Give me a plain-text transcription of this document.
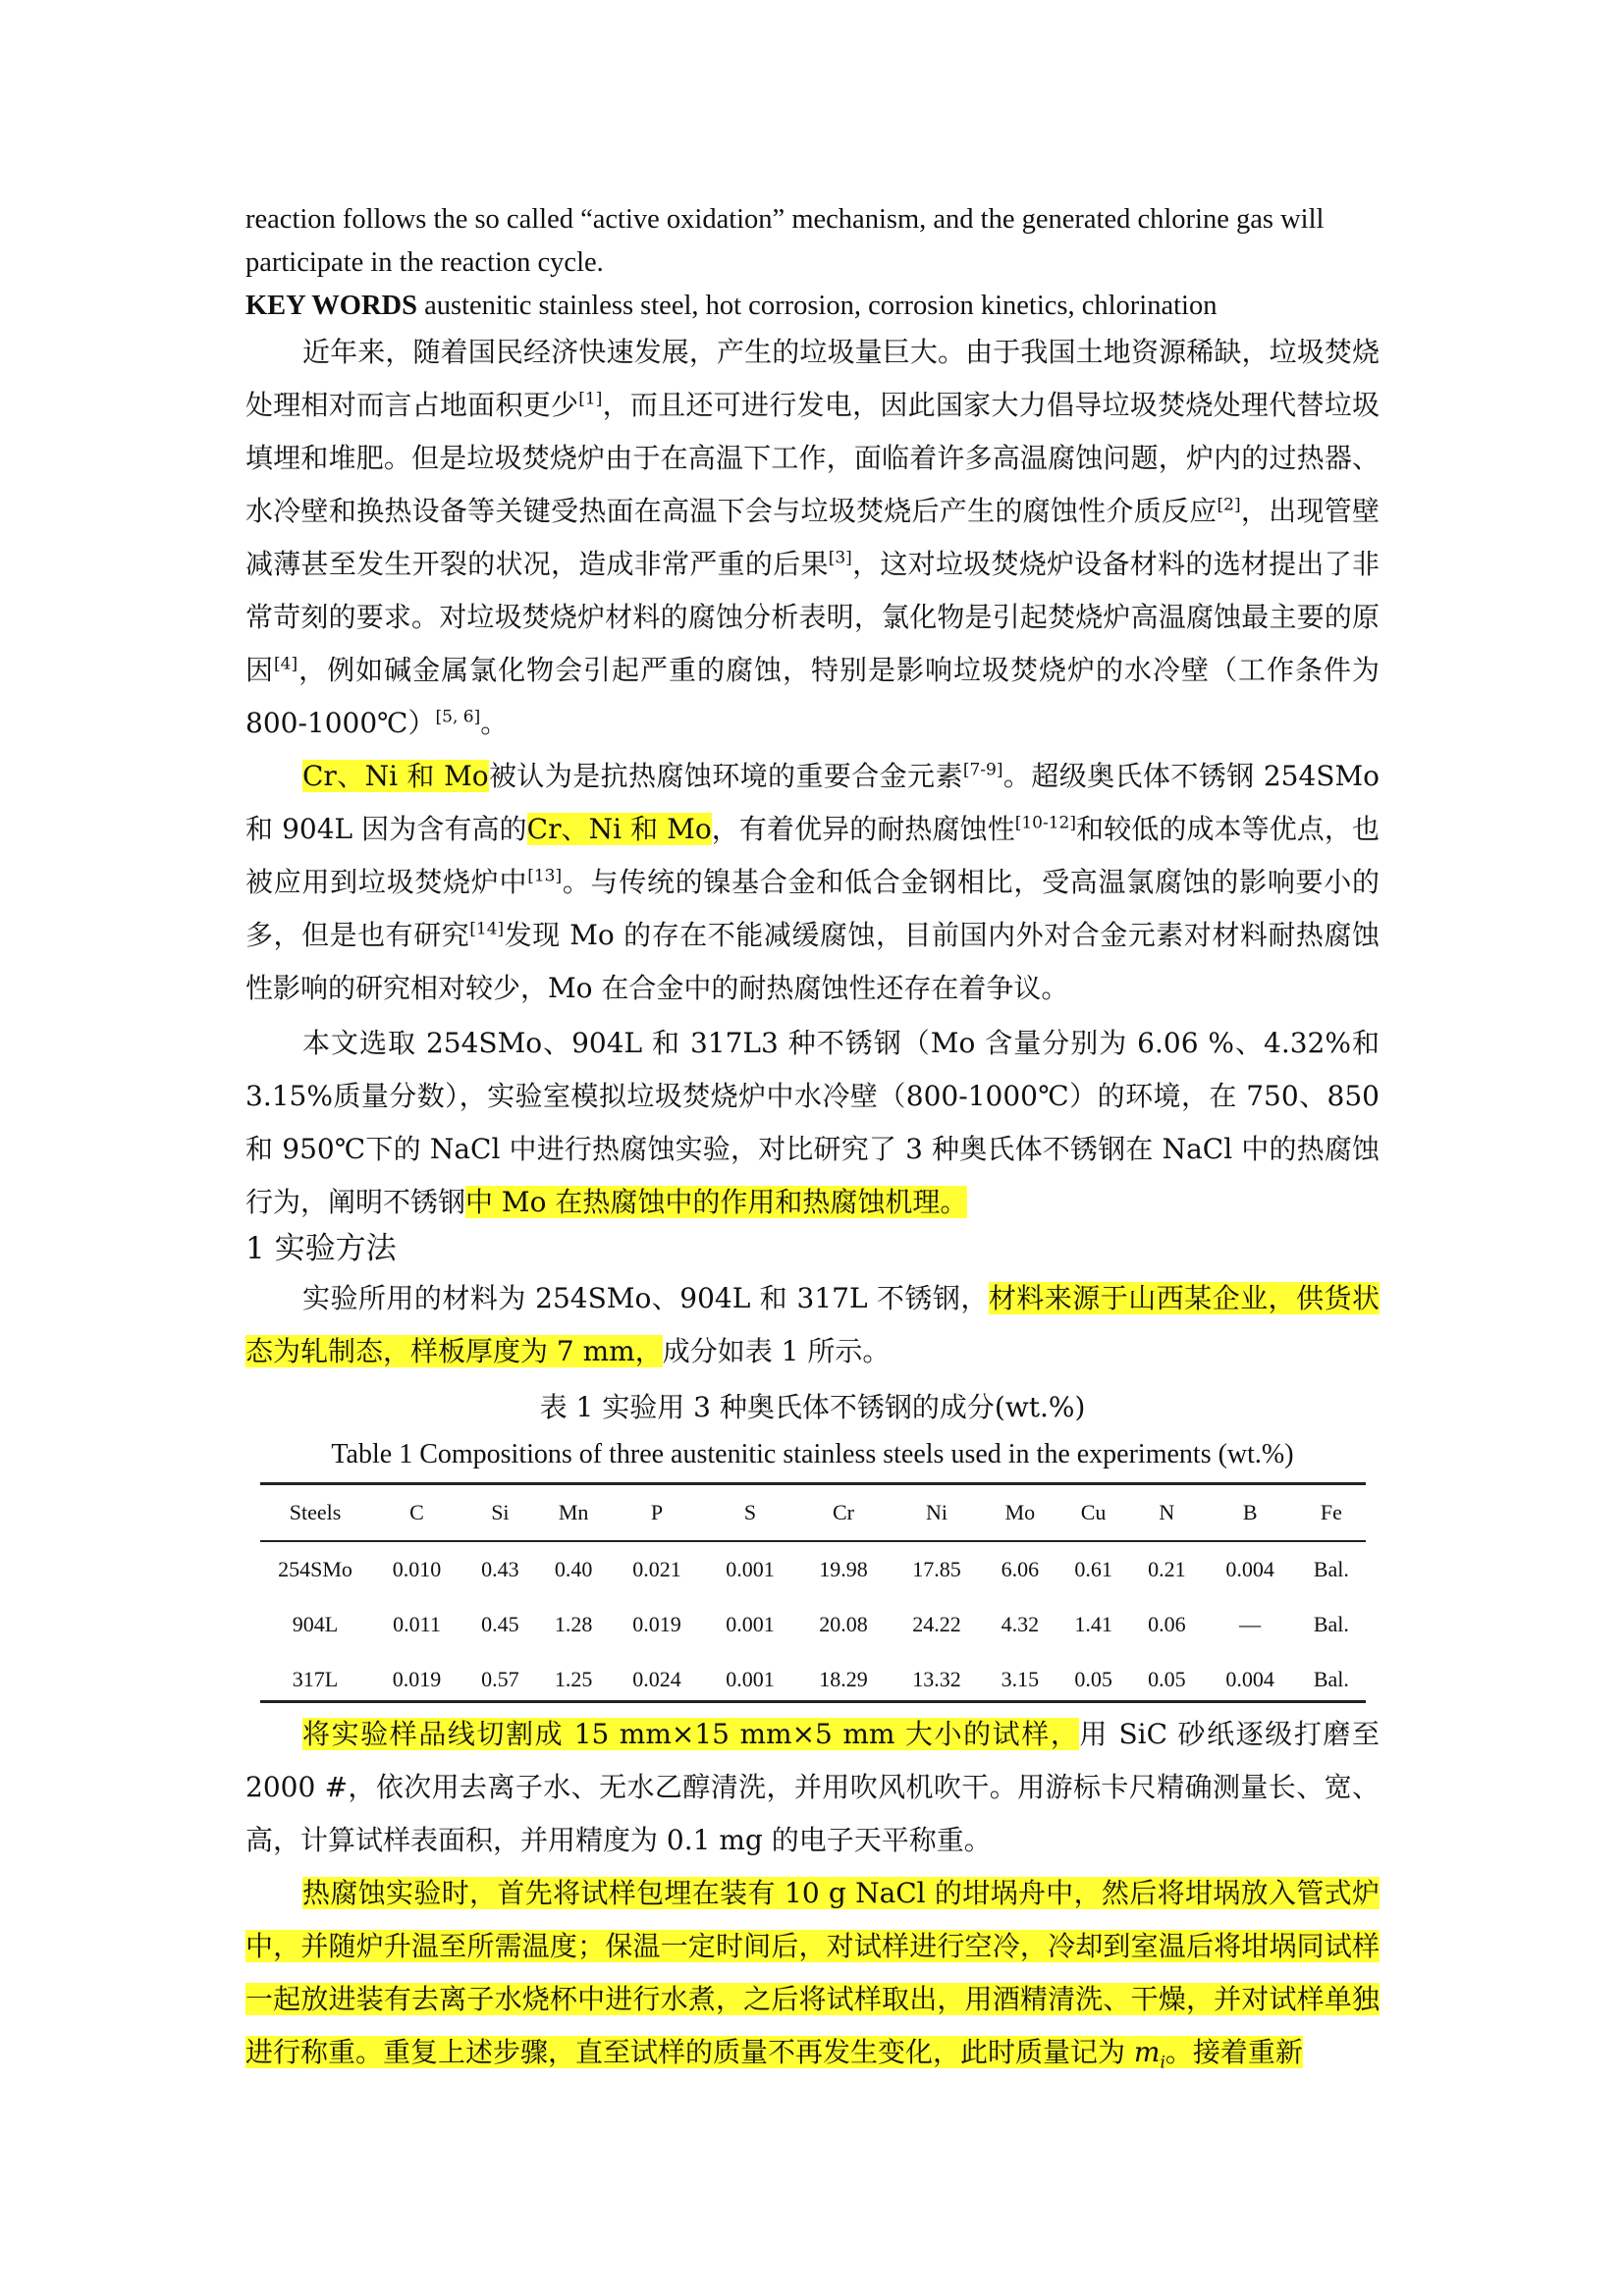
reaction follows the so called “active oxidation” mechanism, and the generated chlorine gas will
participate in the reaction cycle.
KEY WORDS austenitic stainless steel, hot corrosion, corrosion kinetics, chlorination
近年来，随着国民经济快速发展，产生的垃圾量巨大。由于我国土地资源稀缺，垃圾焚烧处理相对而言占地面积更少[1]，而且还可进行发电，因此国家大力倡导垃圾焚烧处理代替垃圾填埋和堆肥。但是垃圾焚烧炉由于在高温下工作，面临着许多高温腐蚀问题，炉内的过热器、水冷壁和换热设备等关键受热面在高温下会与垃圾焚烧后产生的腐蚀性介质反应[2]，出现管壁减薄甚至发生开裂的状况，造成非常严重的后果[3]，这对垃圾焚烧炉设备材料的选材提出了非常苛刻的要求。对垃圾焚烧炉材料的腐蚀分析表明，氯化物是引起焚烧炉高温腐蚀最主要的原因[4]，例如碱金属氯化物会引起严重的腐蚀，特别是影响垃圾焚烧炉的水冷壁（工作条件为 800-1000℃）[5, 6]。
Cr、Ni 和 Mo被认为是抗热腐蚀环境的重要合金元素[7-9]。超级奥氏体不锈钢 254SMo 和 904L 因为含有高的Cr、Ni 和 Mo，有着优异的耐热腐蚀性[10-12]和较低的成本等优点，也被应用到垃圾焚烧炉中[13]。与传统的镍基合金和低合金钢相比，受高温氯腐蚀的影响要小的多，但是也有研究[14]发现 Mo 的存在不能减缓腐蚀，目前国内外对合金元素对材料耐热腐蚀性影响的研究相对较少，Mo 在合金中的耐热腐蚀性还存在着争议。
本文选取 254SMo、904L 和 317L3 种不锈钢（Mo 含量分别为 6.06 %、4.32%和 3.15%质量分数），实验室模拟垃圾焚烧炉中水冷壁（800-1000℃）的环境，在 750、850 和 950℃下的 NaCl 中进行热腐蚀实验，对比研究了 3 种奥氏体不锈钢在 NaCl 中的热腐蚀行为，阐明不锈钢中 Mo 在热腐蚀中的作用和热腐蚀机理。
1 实验方法
实验所用的材料为 254SMo、904L 和 317L 不锈钢，材料来源于山西某企业，供货状态为轧制态，样板厚度为 7 mm，成分如表 1 所示。
表 1 实验用 3 种奥氏体不锈钢的成分(wt.%)
Table 1 Compositions of three austenitic stainless steels used in the experiments (wt.%)
Steels	C	Si	Mn	P	S	Cr	Ni	Mo	Cu	N	B	Fe
254SMo	0.010	0.43	0.40	0.021	0.001	19.98	17.85	6.06	0.61	0.21	0.004	Bal.
904L	0.011	0.45	1.28	0.019	0.001	20.08	24.22	4.32	1.41	0.06	—	Bal.
317L	0.019	0.57	1.25	0.024	0.001	18.29	13.32	3.15	0.05	0.05	0.004	Bal.
将实验样品线切割成 15 mm×15 mm×5 mm 大小的试样，用 SiC 砂纸逐级打磨至 2000 #，依次用去离子水、无水乙醇清洗，并用吹风机吹干。用游标卡尺精确测量长、宽、高，计算试样表面积，并用精度为 0.1 mg 的电子天平称重。
热腐蚀实验时，首先将试样包埋在装有 10 g NaCl 的坩埚舟中，然后将坩埚放入管式炉中，并随炉升温至所需温度；保温一定时间后，对试样进行空冷，冷却到室温后将坩埚同试样一起放进装有去离子水烧杯中进行水煮，之后将试样取出，用酒精清洗、干燥，并对试样单独进行称重。重复上述步骤，直至试样的质量不再发生变化，此时质量记为 $m_i$。接着重新
